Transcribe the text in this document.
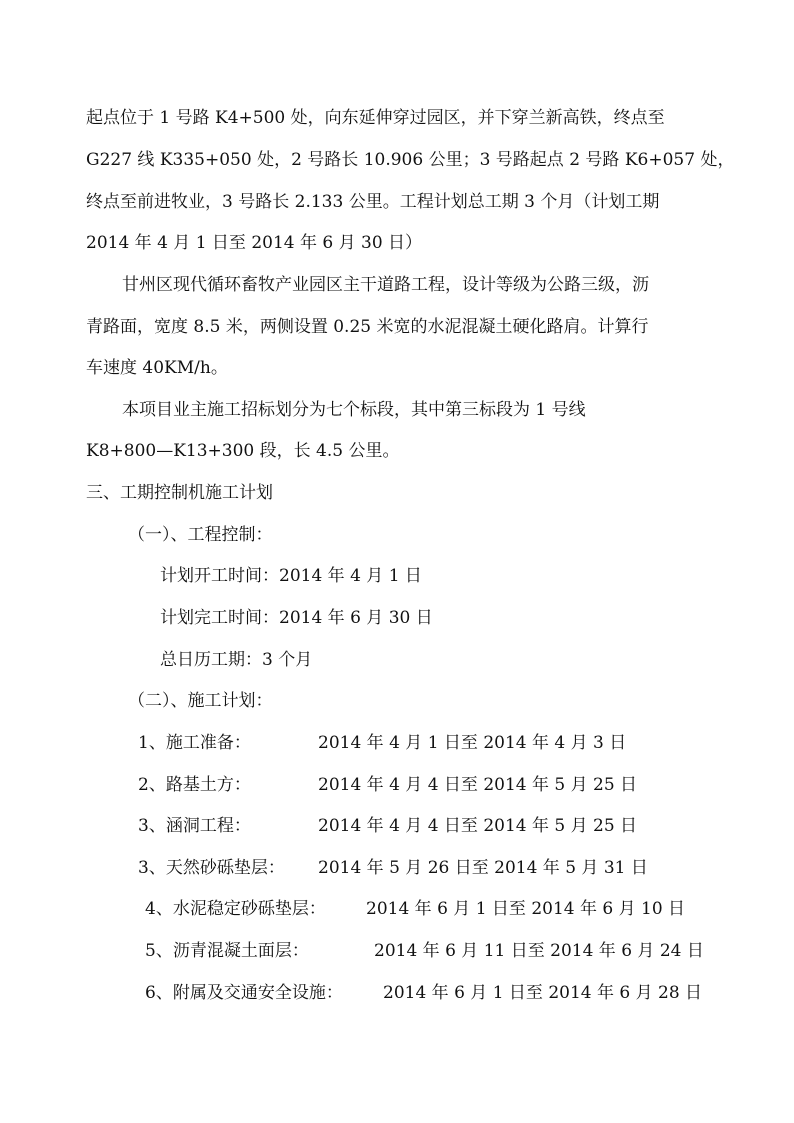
起点位于 1 号路 K4+500 处，向东延伸穿过园区，并下穿兰新高铁，终点至
G227 线 K335+050 处，2 号路长 10.906 公里；3 号路起点 2 号路 K6+057 处，
终点至前进牧业，3 号路长 2.133 公里。工程计划总工期 3 个月（计划工期
2014 年 4 月 1 日至 2014 年 6 月 30 日）
甘州区现代循环畜牧产业园区主干道路工程，设计等级为公路三级，沥
青路面，宽度 8.5 米，两侧设置 0.25 米宽的水泥混凝土硬化路肩。计算行
车速度 40KM/h。
本项目业主施工招标划分为七个标段，其中第三标段为 1 号线
K8+800—K13+300 段，长 4.5 公里。
三、工期控制机施工计划
（一）、工程控制：
计划开工时间：2014 年 4 月 1 日
计划完工时间：2014 年 6 月 30 日
总日历工期：3 个月
（二）、施工计划：
1、施工准备：	2014 年 4 月 1 日至 2014 年 4 月 3 日
2、路基土方：	2014 年 4 月 4 日至 2014 年 5 月 25 日
3、涵洞工程：	2014 年 4 月 4 日至 2014 年 5 月 25 日
3、天然砂砾垫层： 2014 年 5 月 26 日至 2014 年 5 月 31 日
4、水泥稳定砂砾垫层： 2014 年 6 月 1 日至 2014 年 6 月 10 日
5、沥青混凝土面层：	2014 年 6 月 11 日至 2014 年 6 月 24 日
6、附属及交通安全设施： 2014 年 6 月 1 日至 2014 年 6 月 28 日
